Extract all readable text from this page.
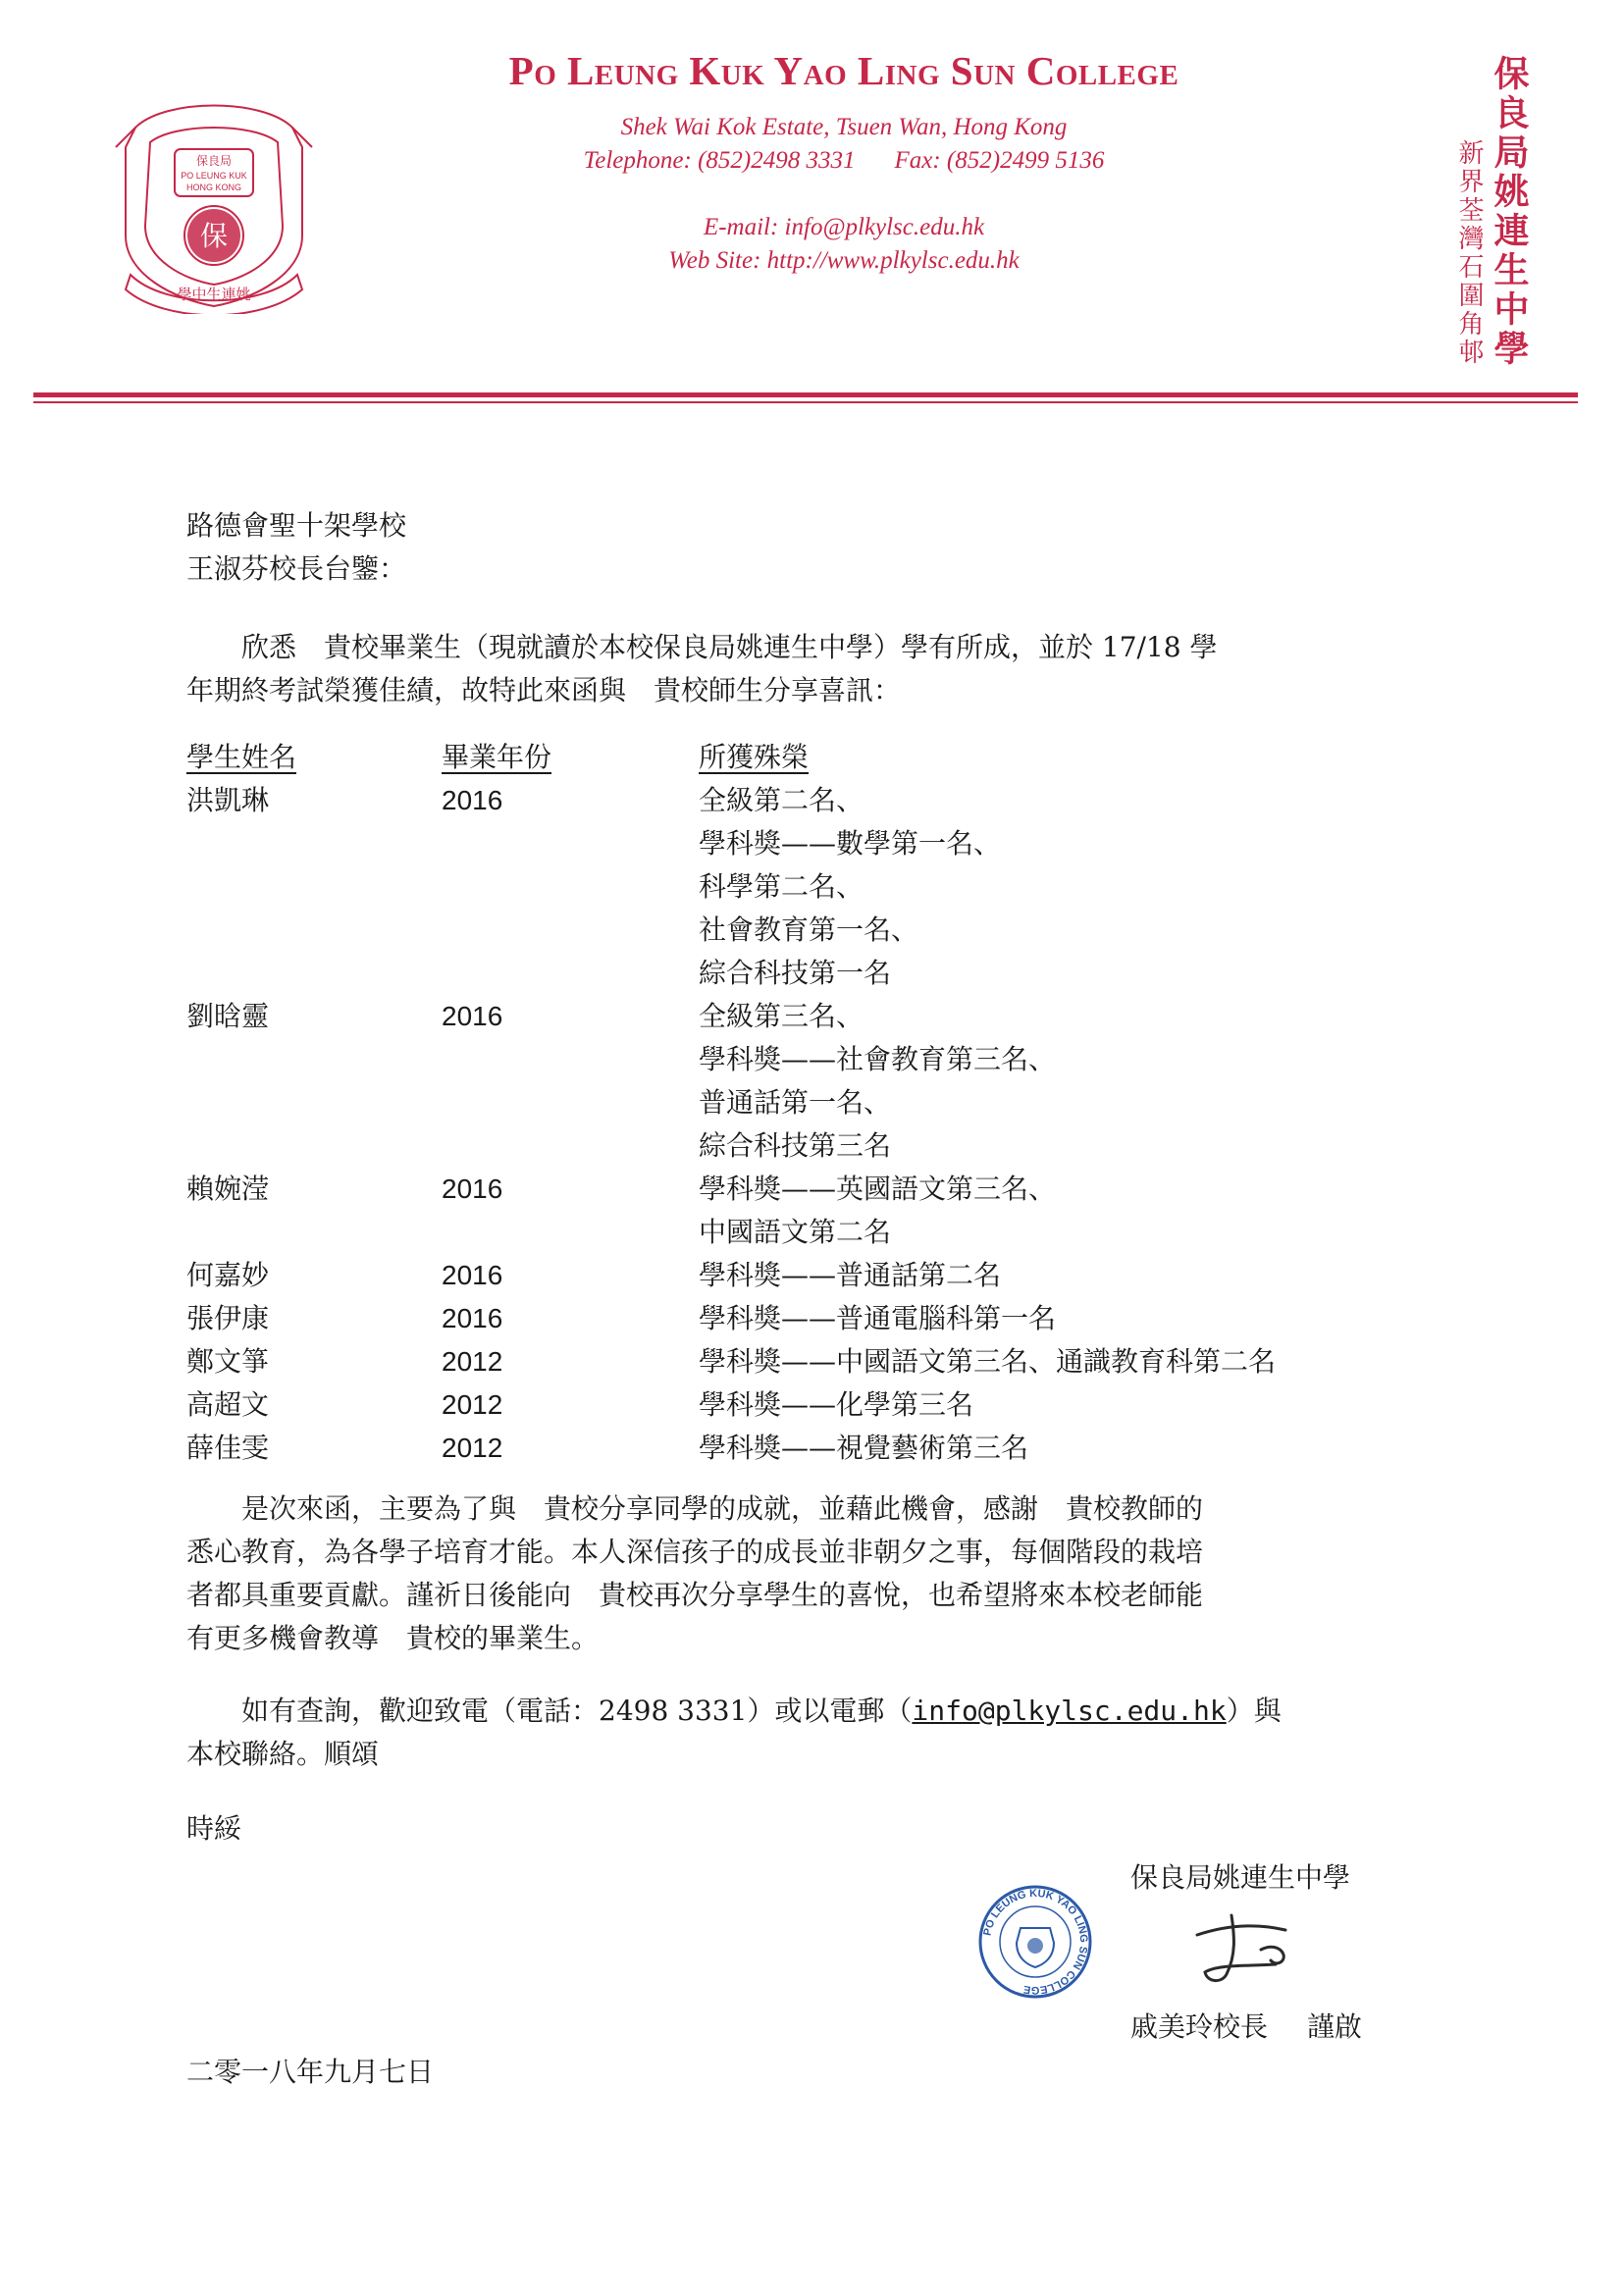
保
保良局
PO LEUNG KUK
HONG KONG
學中生連姚
Po Leung Kuk Yao Ling Sun College
Shek Wai Kok Estate, Tsuen Wan, Hong Kong
Telephone: (852)2498 3331 Fax: (852)2499 5136
E-mail: info@plkylsc.edu.hk
Web Site: http://www.plkylsc.edu.hk	保良局姚連生中學
新界荃灣石圍角邨
路德會聖十架學校
王淑芬校長台鑒：
　　欣悉　貴校畢業生（現就讀於本校保良局姚連生中學）學有所成，並於 17/18 學
年期終考試榮獲佳績，故特此來函與　貴校師生分享喜訊：
學生姓名	畢業年份	所獲殊榮
洪凱琳	2016	全級第二名、
學科獎——數學第一名、
科學第二名、
社會教育第一名、
綜合科技第一名
劉晗靈	2016	全級第三名、
學科獎——社會教育第三名、
普通話第一名、
綜合科技第三名
賴婉滢	2016	學科獎——英國語文第三名、
中國語文第二名
何嘉妙	2016	學科獎——普通話第二名
張伊康	2016	學科獎——普通電腦科第一名
鄭文箏	2012	學科獎——中國語文第三名、通識教育科第二名
高超文	2012	學科獎——化學第三名
薛佳雯	2012	學科獎——視覺藝術第三名
　　是次來函，主要為了與　貴校分享同學的成就，並藉此機會，感謝　貴校教師的
悉心教育，為各學子培育才能。本人深信孩子的成長並非朝夕之事，每個階段的栽培
者都具重要貢獻。謹祈日後能向　貴校再次分享學生的喜悅，也希望將來本校老師能
有更多機會教導　貴校的畢業生。
　　如有查詢，歡迎致電（電話：2498 3331）或以電郵（info@plkylsc.edu.hk）與
本校聯絡。順頌
時綏
保良局姚連生中學
PO LEUNG KUK YAO LING SUN COLLEGE
戚美玲校長 謹啟
二零一八年九月七日
